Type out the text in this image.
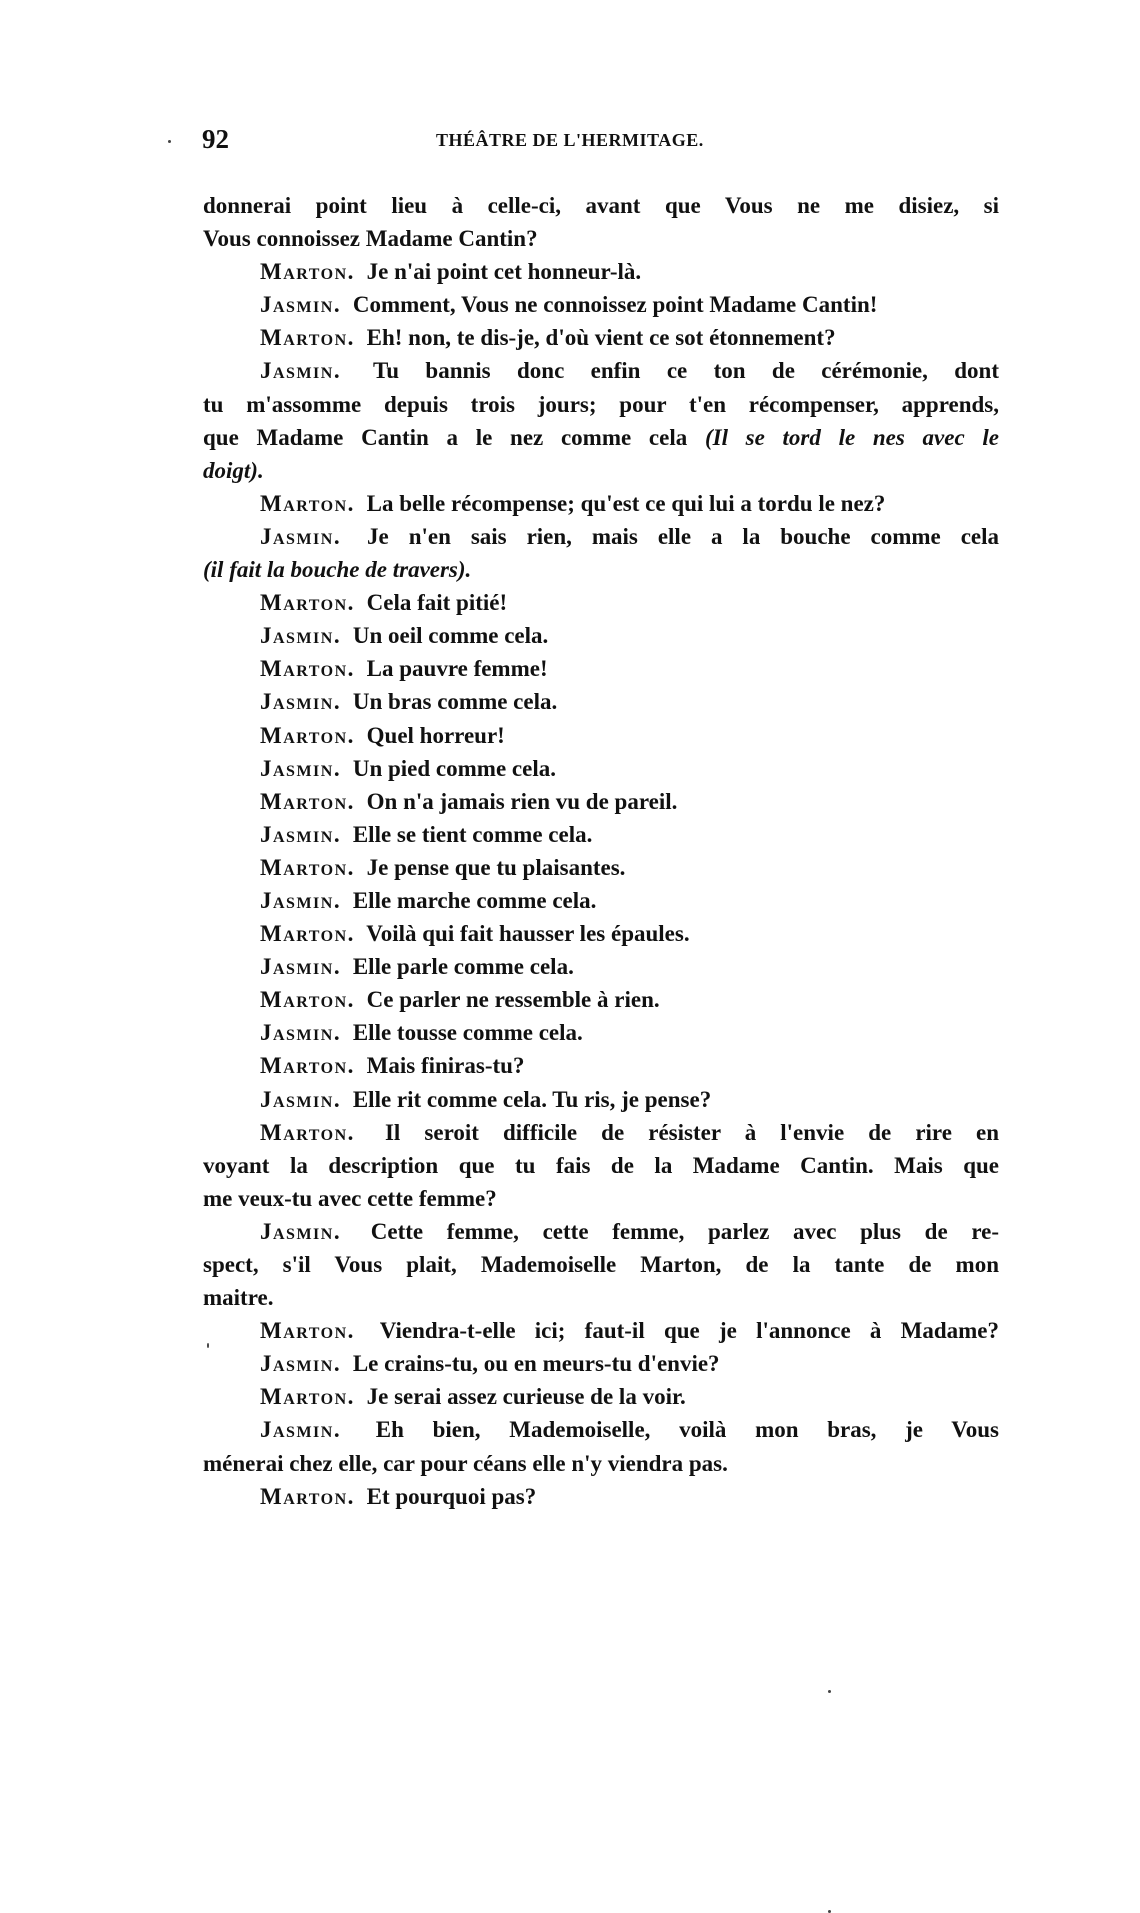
92	THÉÂTRE DE L'HERMITAGE.
donnerai point lieu à celle-ci, avant que Vous ne me disiez, si
Vous connoissez Madame Cantin?
Marton. Je n'ai point cet honneur-là.
Jasmin. Comment, Vous ne connoissez point Madame Cantin!
Marton. Eh! non, te dis-je, d'où vient ce sot étonnement?
Jasmin. Tu bannis donc enfin ce ton de cérémonie, dont
tu m'assomme depuis trois jours; pour t'en récompenser, apprends,
que Madame Cantin a le nez comme cela (Il se tord le nes avec le
doigt).
Marton. La belle récompense; qu'est ce qui lui a tordu le nez?
Jasmin. Je n'en sais rien, mais elle a la bouche comme cela
(il fait la bouche de travers).
Marton. Cela fait pitié!
Jasmin. Un oeil comme cela.
Marton. La pauvre femme!
Jasmin. Un bras comme cela.
Marton. Quel horreur!
Jasmin. Un pied comme cela.
Marton. On n'a jamais rien vu de pareil.
Jasmin. Elle se tient comme cela.
Marton. Je pense que tu plaisantes.
Jasmin. Elle marche comme cela.
Marton. Voilà qui fait hausser les épaules.
Jasmin. Elle parle comme cela.
Marton. Ce parler ne ressemble à rien.
Jasmin. Elle tousse comme cela.
Marton. Mais finiras-tu?
Jasmin. Elle rit comme cela. Tu ris, je pense?
Marton. Il seroit difficile de résister à l'envie de rire en
voyant la description que tu fais de la Madame Cantin. Mais que
me veux-tu avec cette femme?
Jasmin. Cette femme, cette femme, parlez avec plus de re-
spect, s'il Vous plait, Mademoiselle Marton, de la tante de mon
maitre.
Marton. Viendra-t-elle ici; faut-il que je l'annonce à Madame?
Jasmin. Le crains-tu, ou en meurs-tu d'envie?
Marton. Je serai assez curieuse de la voir.
Jasmin. Eh bien, Mademoiselle, voilà mon bras, je Vous
ménerai chez elle, car pour céans elle n'y viendra pas.
Marton. Et pourquoi pas?
